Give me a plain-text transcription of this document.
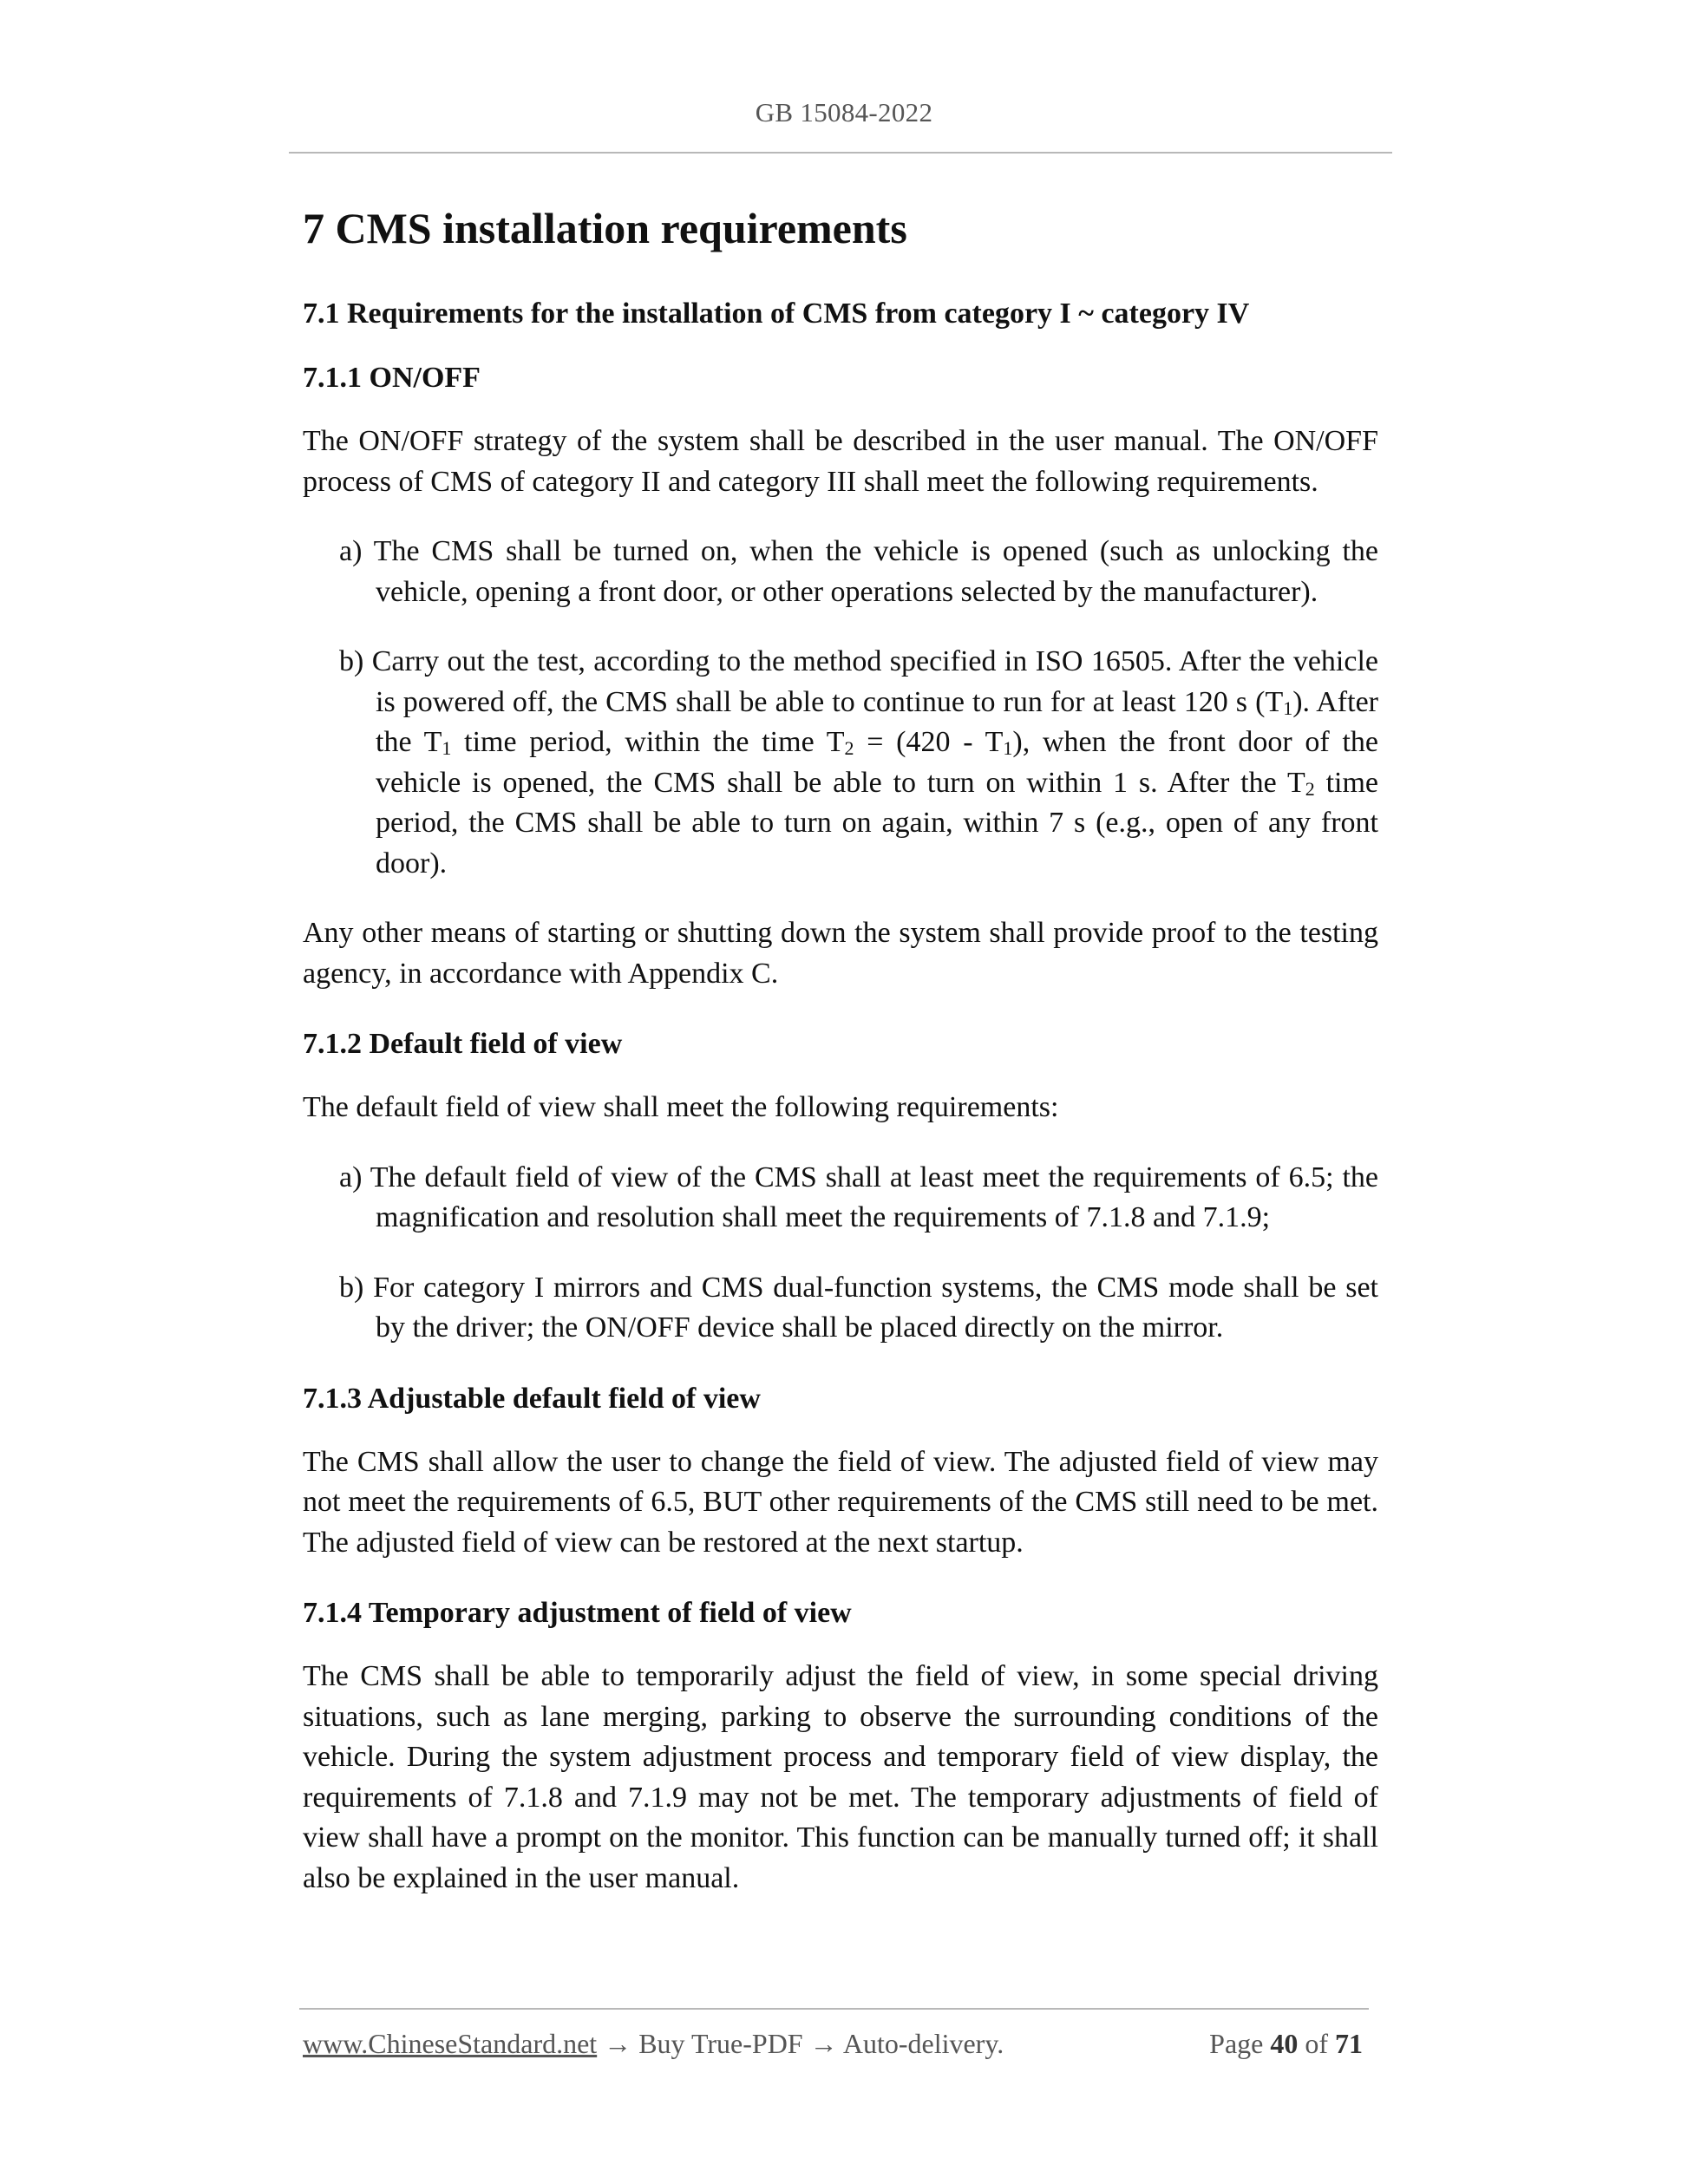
GB 15084-2022
7 CMS installation requirements
7.1 Requirements for the installation of CMS from category I ~ category IV
7.1.1 ON/OFF

The ON/OFF strategy of the system shall be described in the user manual. The ON/OFF process of CMS of category II and category III shall meet the following requirements.

a) The CMS shall be turned on, when the vehicle is opened (such as unlocking the vehicle, opening a front door, or other operations selected by the manufacturer).
b) Carry out the test, according to the method specified in ISO 16505. After the vehicle is powered off, the CMS shall be able to continue to run for at least 120 s $(T_1)$. After the $T_1$ time period, within the time $T_2 = (420 - T_1)$, when the front door of the vehicle is opened, the CMS shall be able to turn on within 1 s. After the $T_2$ time period, the CMS shall be able to turn on again, within 7 s (e.g., open of any front door).

Any other means of starting or shutting down the system shall provide proof to the testing agency, in accordance with Appendix C.

7.1.2 Default field of view

The default field of view shall meet the following requirements:

a) The default field of view of the CMS shall at least meet the requirements of 6.5; the magnification and resolution shall meet the requirements of 7.1.8 and 7.1.9;
b) For category I mirrors and CMS dual-function systems, the CMS mode shall be set by the driver; the ON/OFF device shall be placed directly on the mirror.
7.1.3 Adjustable default field of view

The CMS shall allow the user to change the field of view. The adjusted field of view may not meet the requirements of 6.5, BUT other requirements of the CMS still need to be met. The adjusted field of view can be restored at the next startup.

7.1.4 Temporary adjustment of field of view

The CMS shall be able to temporarily adjust the field of view, in some special driving situations, such as lane merging, parking to observe the surrounding conditions of the vehicle. During the system adjustment process and temporary field of view display, the requirements of 7.1.8 and 7.1.9 may not be met. The temporary adjustments of field of view shall have a prompt on the monitor. This function can be manually turned off; it shall also be explained in the user manual.

www.ChineseStandard.net → Buy True-PDF → Auto-delivery.	Page 40 of 71
